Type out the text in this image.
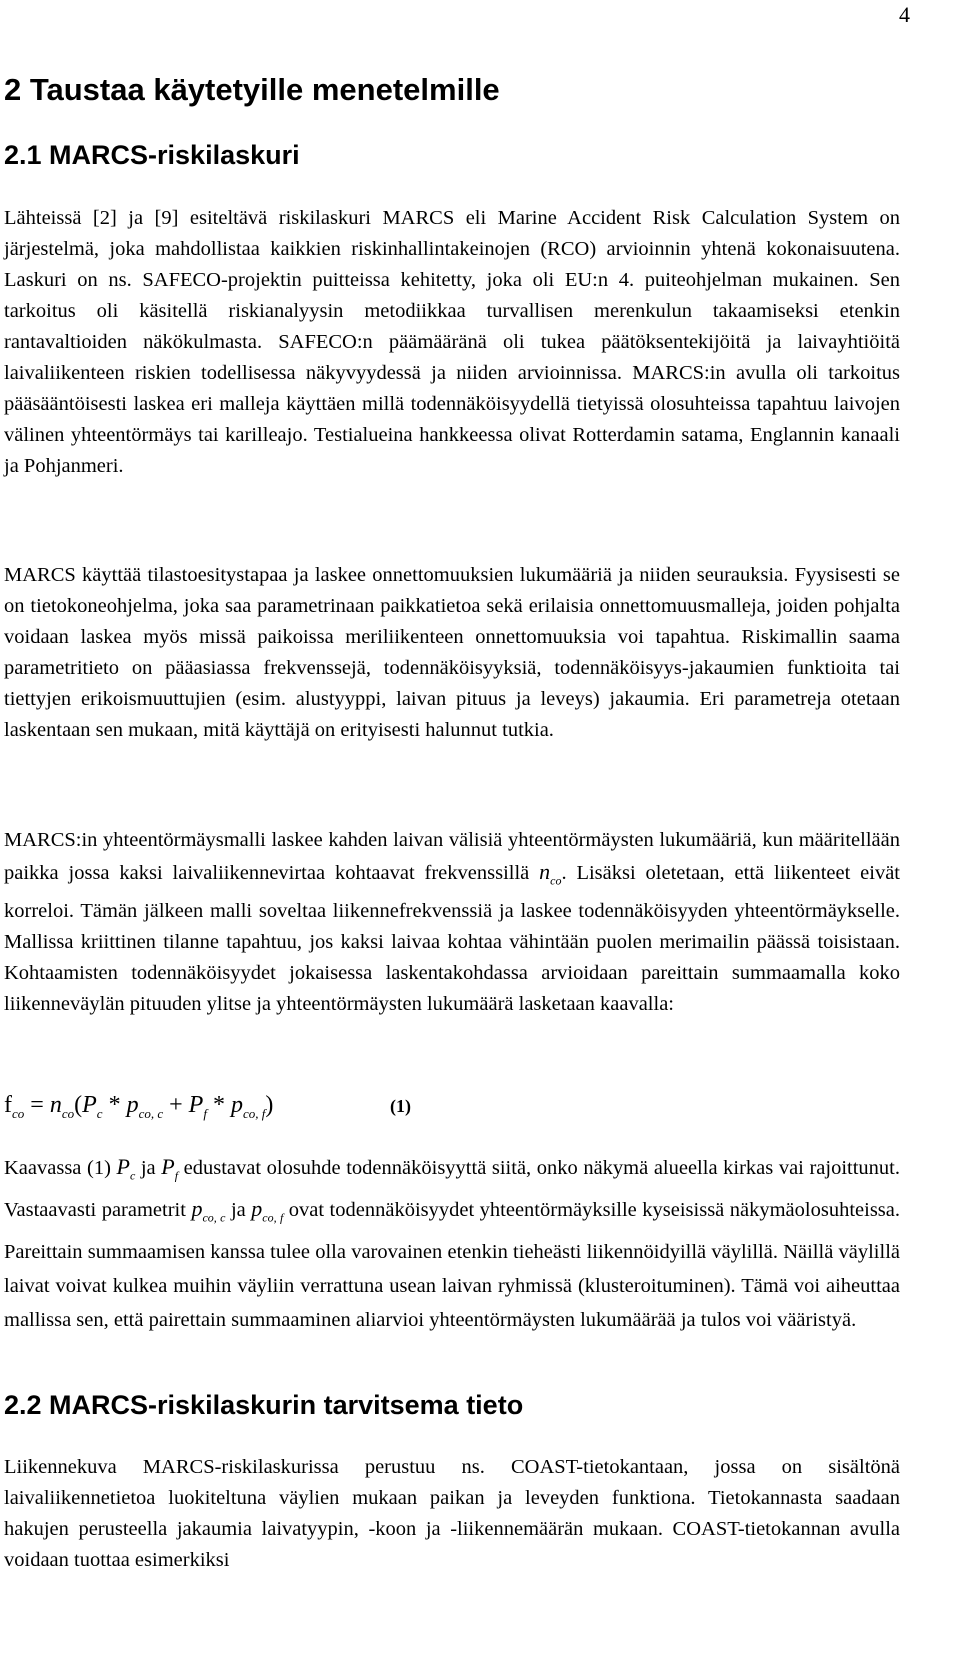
4
2 Taustaa käytetyille menetelmille
2.1 MARCS-riskilaskuri

Lähteissä [2] ja [9] esiteltävä riskilaskuri MARCS eli Marine Accident Risk Calculation System on järjestelmä, joka mahdollistaa kaikkien riskinhallintakeinojen (RCO) arvioinnin yhtenä kokonaisuutena. Laskuri on ns. SAFECO-projektin puitteissa kehitetty, joka oli EU:n 4. puiteohjelman mukainen. Sen tarkoitus oli käsitellä riskianalyysin metodiikkaa turvallisen merenkulun takaamiseksi etenkin rantavaltioiden näkökulmasta. SAFECO:n päämääränä oli tukea päätöksentekijöitä ja laivayhtiöitä laivaliikenteen riskien todellisessa näkyvyydessä ja niiden arvioinnissa. MARCS:in avulla oli tarkoitus pääsääntöisesti laskea eri malleja käyttäen millä todennäköisyydellä tietyissä olosuhteissa tapahtuu laivojen välinen yhteentörmäys tai karilleajo. Testialueina hankkeessa olivat Rotterdamin satama, Englannin kanaali ja Pohjanmeri.

MARCS käyttää tilastoesitystapaa ja laskee onnettomuuksien lukumääriä ja niiden seurauksia. Fyysisesti se on tietokoneohjelma, joka saa parametrinaan paikkatietoa sekä erilaisia onnettomuusmalleja, joiden pohjalta voidaan laskea myös missä paikoissa meriliikenteen onnettomuuksia voi tapahtua. Riskimallin saama parametritieto on pääasiassa frekvenssejä, todennäköisyyksiä, todennäköisyys-jakaumien funktioita tai tiettyjen erikoismuuttujien (esim. alustyyppi, laivan pituus ja leveys) jakaumia. Eri parametreja otetaan laskentaan sen mukaan, mitä käyttäjä on erityisesti halunnut tutkia.

MARCS:in yhteentörmäysmalli laskee kahden laivan välisiä yhteentörmäysten lukumääriä, kun määritellään paikka jossa kaksi laivaliikennevirtaa kohtaavat frekvenssillä $n_{co}$. Lisäksi oletetaan, että liikenteet eivät korreloi. Tämän jälkeen malli soveltaa liikennefrekvenssiä ja laskee todennäköisyyden yhteentörmäykselle. Mallissa kriittinen tilanne tapahtuu, jos kaksi laivaa kohtaa vähintään puolen merimailin päässä toisistaan. Kohtaamisten todennäköisyydet jokaisessa laskentakohdassa arvioidaan pareittain summaamalla koko liikenneväylän pituuden ylitse ja yhteentörmäysten lukumäärä lasketaan kaavalla:

$f_{co} = n_{co}(P_c * p_{co, c} + P_f * p_{co, f})$	(1)

Kaavassa (1) $P_c$ ja $P_f$ edustavat olosuhde todennäköisyyttä siitä, onko näkymä alueella kirkas vai rajoittunut. Vastaavasti parametrit $p_{co, c}$ ja $p_{co, f}$ ovat todennäköisyydet yhteentörmäyksille kyseisissä näkymäolosuhteissa. Pareittain summaamisen kanssa tulee olla varovainen etenkin tieheästi liikennöidyillä väylillä. Näillä väylillä laivat voivat kulkea muihin väyliin verrattuna usean laivan ryhmissä (klusteroituminen). Tämä voi aiheuttaa mallissa sen, että pairettain summaaminen aliarvioi yhteentörmäysten lukumäärää ja tulos voi vääristyä.

2.2 MARCS-riskilaskurin tarvitsema tieto

Liikennekuva MARCS-riskilaskurissa perustuu ns. COAST-tietokantaan, jossa on sisältönä laivaliikennetietoa luokiteltuna väylien mukaan paikan ja leveyden funktiona. Tietokannasta saadaan hakujen perusteella jakaumia laivatyypin, -koon ja -liikennemäärän mukaan. COAST-tietokannan avulla voidaan tuottaa esimerkiksi
